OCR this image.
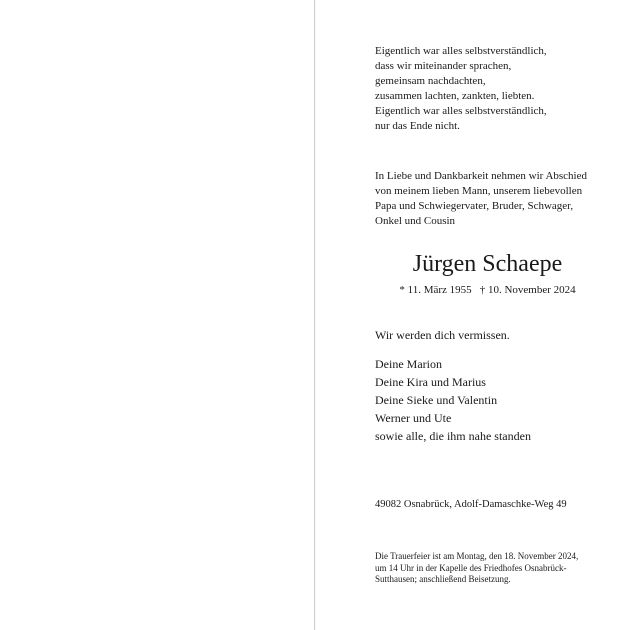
Eigentlich war alles selbstverständlich,
dass wir miteinander sprachen,
gemeinsam nachdachten,
zusammen lachten, zankten, liebten.
Eigentlich war alles selbstverständlich,
nur das Ende nicht.
In Liebe und Dankbarkeit nehmen wir Abschied
von meinem lieben Mann, unserem liebevollen
Papa und Schwiegervater, Bruder, Schwager,
Onkel und Cousin
Jürgen Schaepe
* 11. März 1955 † 10. November 2024
Wir werden dich vermissen.
Deine Marion
Deine Kira und Marius
Deine Sieke und Valentin
Werner und Ute
sowie alle, die ihm nahe standen
49082 Osnabrück, Adolf-Damaschke-Weg 49
Die Trauerfeier ist am Montag, den 18. November 2024,
um 14 Uhr in der Kapelle des Friedhofes Osnabrück-
Sutthausen; anschließend Beisetzung.
